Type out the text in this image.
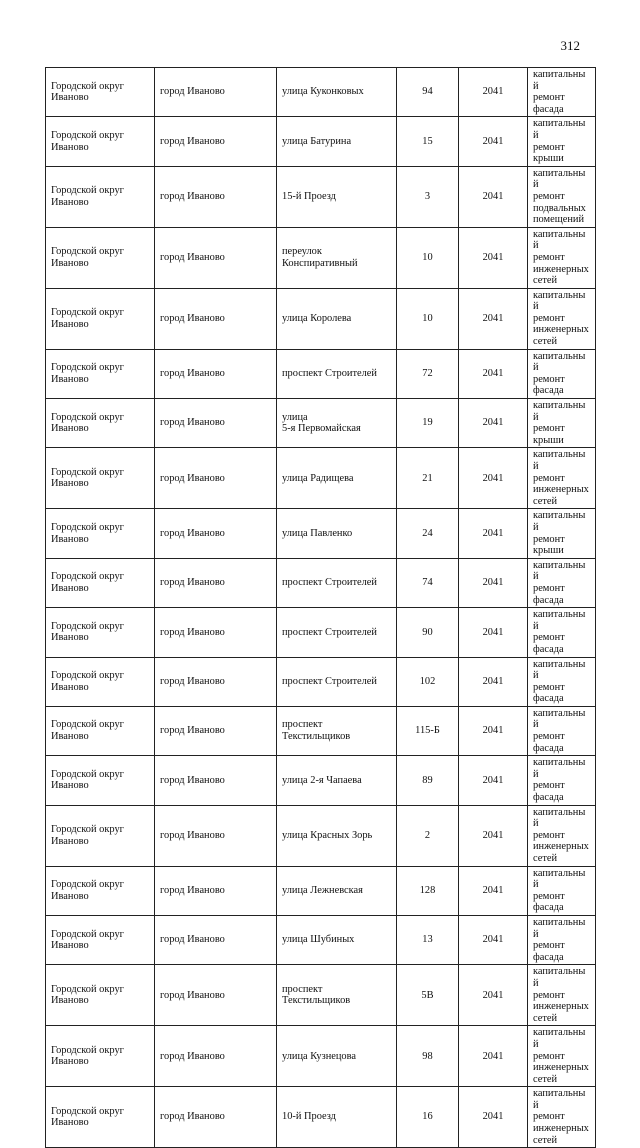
312
Городской округ
Иваново	город Иваново	улица Куконковых	94	2041	капитальный
ремонт фасада
Городской округ
Иваново	город Иваново	улица Батурина	15	2041	капитальный
ремонт крыши
Городской округ
Иваново	город Иваново	15-й Проезд	3	2041	капитальный
ремонт
подвальных
помещений
Городской округ
Иваново	город Иваново	переулок
Конспиративный	10	2041	капитальный
ремонт
инженерных
сетей
Городской округ
Иваново	город Иваново	улица Королева	10	2041	капитальный
ремонт
инженерных
сетей
Городской округ
Иваново	город Иваново	проспект Строителей	72	2041	капитальный
ремонт фасада
Городской округ
Иваново	город Иваново	улица
5-я Первомайская	19	2041	капитальный
ремонт крыши
Городской округ
Иваново	город Иваново	улица Радищева	21	2041	капитальный
ремонт
инженерных
сетей
Городской округ
Иваново	город Иваново	улица Павленко	24	2041	капитальный
ремонт крыши
Городской округ
Иваново	город Иваново	проспект Строителей	74	2041	капитальный
ремонт фасада
Городской округ
Иваново	город Иваново	проспект Строителей	90	2041	капитальный
ремонт фасада
Городской округ
Иваново	город Иваново	проспект Строителей	102	2041	капитальный
ремонт фасада
Городской округ
Иваново	город Иваново	проспект
Текстильщиков	115-Б	2041	капитальный
ремонт фасада
Городской округ
Иваново	город Иваново	улица 2-я Чапаева	89	2041	капитальный
ремонт фасада
Городской округ
Иваново	город Иваново	улица Красных Зорь	2	2041	капитальный
ремонт
инженерных
сетей
Городской округ
Иваново	город Иваново	улица Лежневская	128	2041	капитальный
ремонт фасада
Городской округ
Иваново	город Иваново	улица Шубиных	13	2041	капитальный
ремонт фасада
Городской округ
Иваново	город Иваново	проспект
Текстильщиков	5В	2041	капитальный
ремонт
инженерных
сетей
Городской округ
Иваново	город Иваново	улица Кузнецова	98	2041	капитальный
ремонт
инженерных
сетей
Городской округ
Иваново	город Иваново	10-й Проезд	16	2041	капитальный
ремонт
инженерных
сетей
